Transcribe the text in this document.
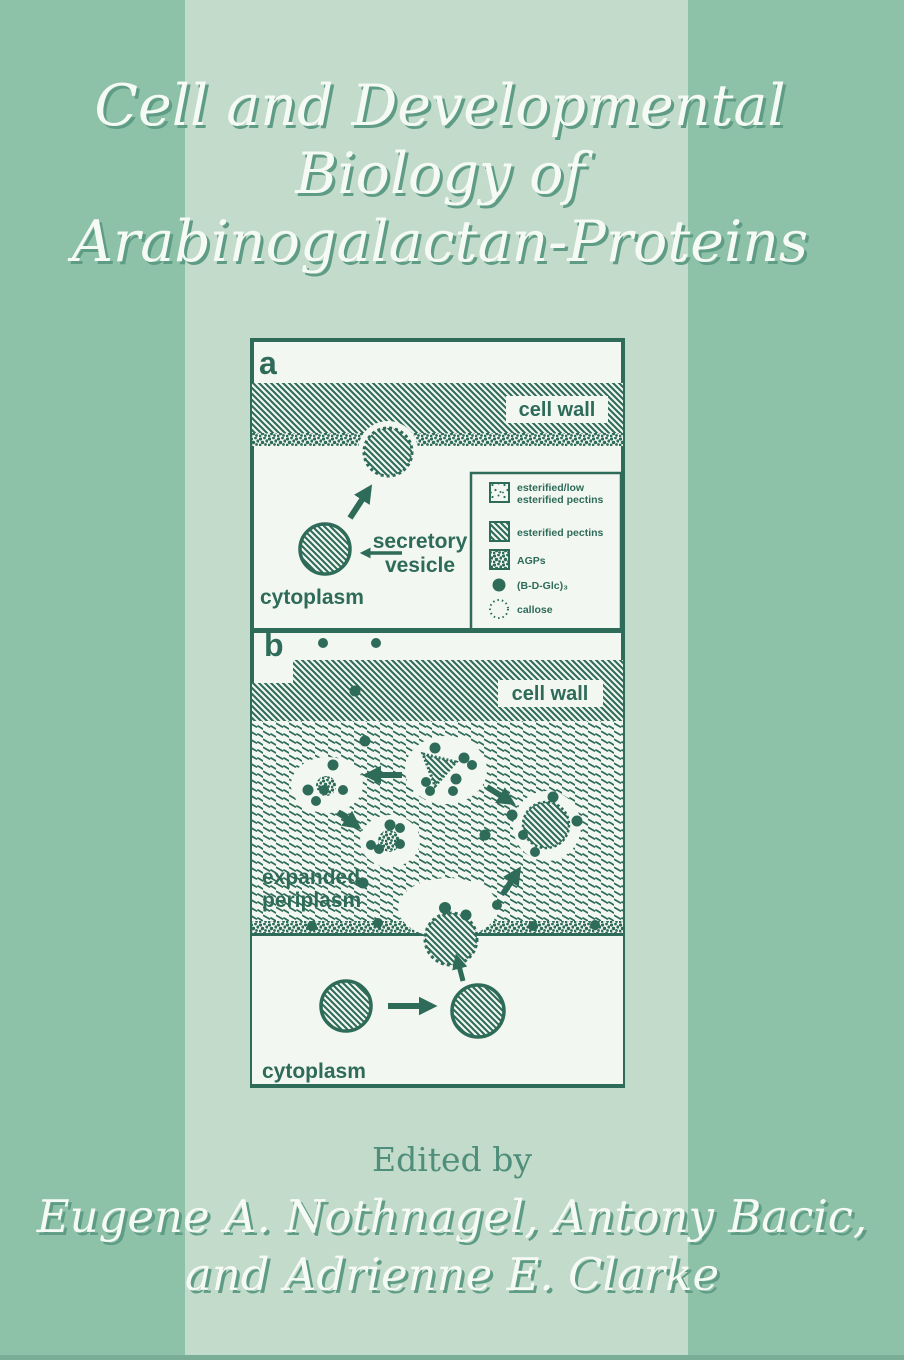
Cell and Developmental
Biology of
Arabinogalactan-Proteins
a
cell wall
secretory
vesicle
cytoplasm
esterified/low
esterified pectins
esterified pectins
AGPs
(B-D-Glc)₃
callose
b
cell wall
expanded
periplasm
cytoplasm
Edited by
Eugene A. Nothnagel, Antony Bacic,
and Adrienne E. Clarke
